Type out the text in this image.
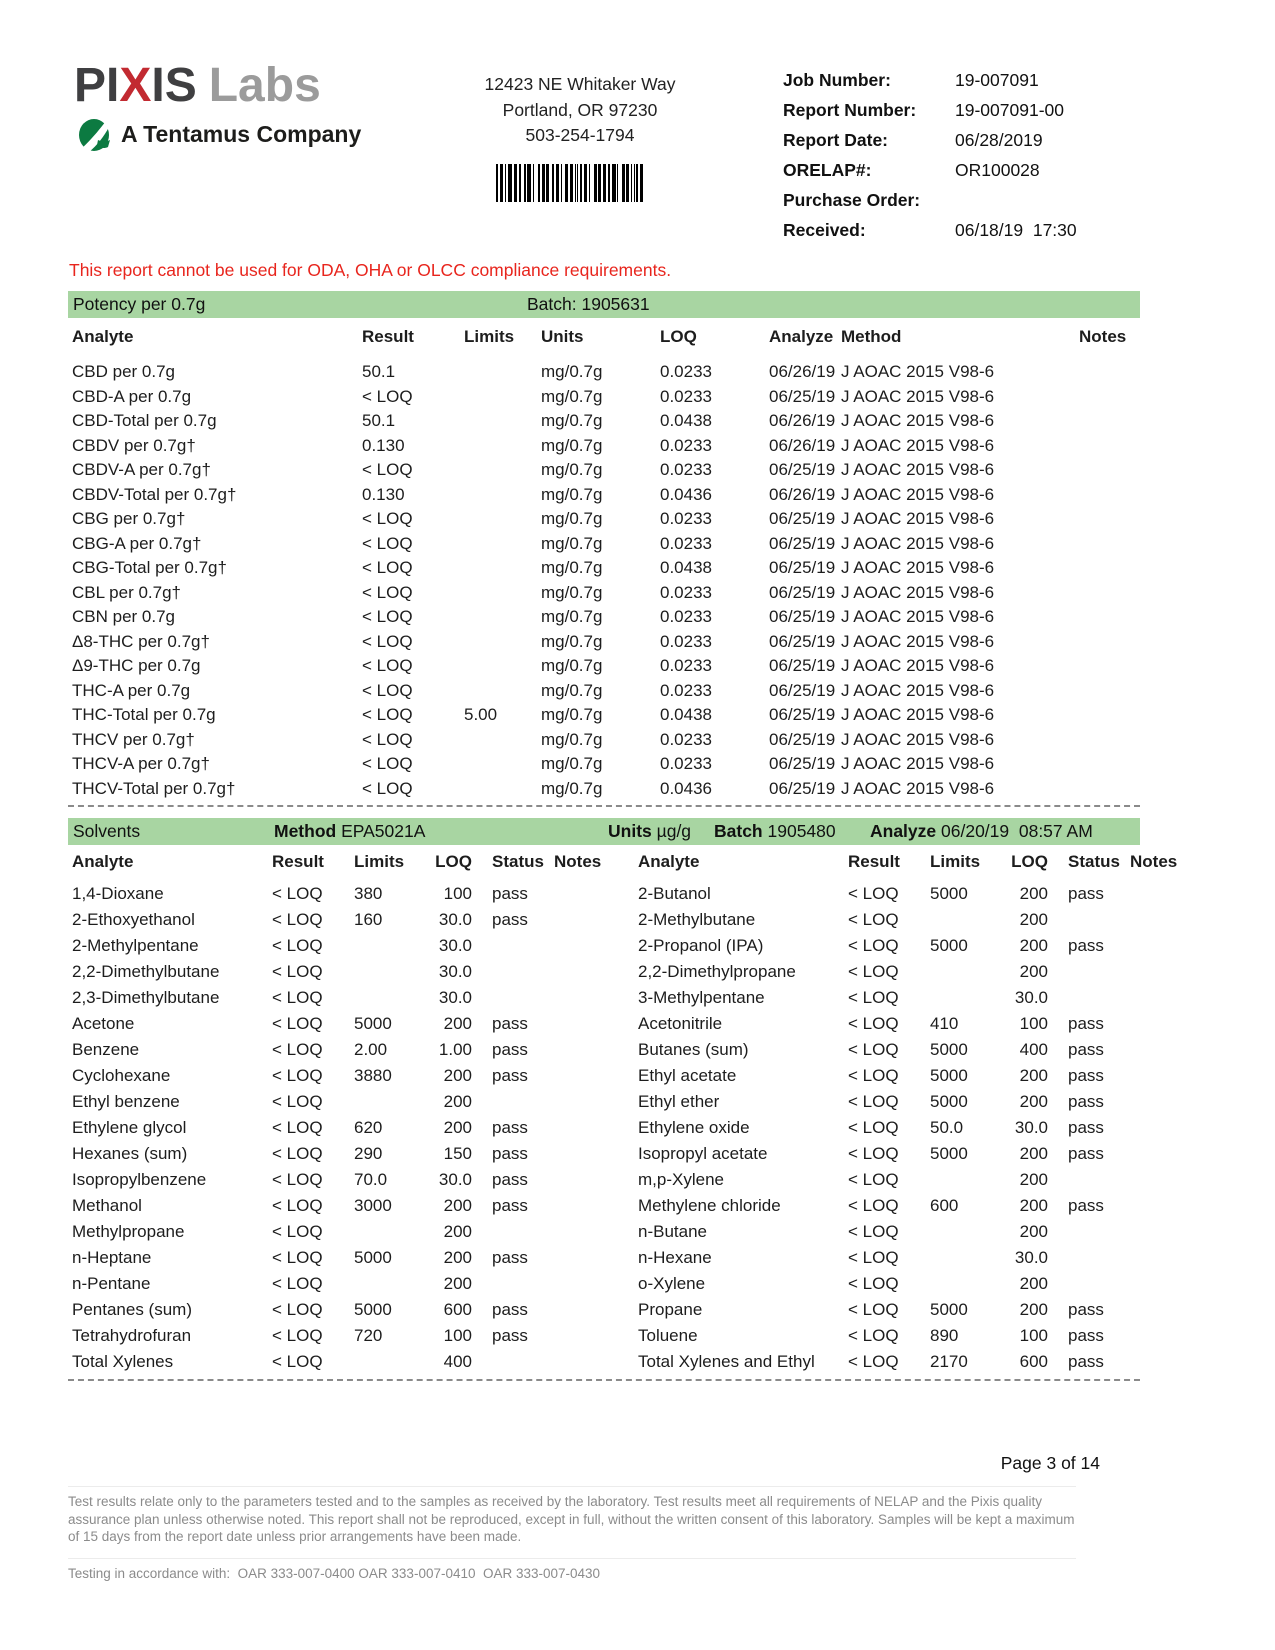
PIXIS Labs
A Tentamus Company
12423 NE Whitaker Way
Portland, OR 97230
503-254-1794
Job Number:	19-007091
Report Number:	19-007091-00
Report Date:	06/28/2019
ORELAP#:	OR100028
Purchase Order:
Received:	06/18/19  17:30
This report cannot be used for ODA, OHA or OLCC compliance requirements.
Potency per 0.7g	Batch: 1905631
Analyte	Result	Limits	Units	LOQ	Analyze	Method	Notes
CBD per 0.7g	50.1		mg/0.7g	0.0233	06/26/19	J AOAC 2015 V98-6	
CBD-A per 0.7g	< LOQ		mg/0.7g	0.0233	06/25/19	J AOAC 2015 V98-6	
CBD-Total per 0.7g	50.1		mg/0.7g	0.0438	06/26/19	J AOAC 2015 V98-6	
CBDV per 0.7g†	0.130		mg/0.7g	0.0233	06/26/19	J AOAC 2015 V98-6	
CBDV-A per 0.7g†	< LOQ		mg/0.7g	0.0233	06/25/19	J AOAC 2015 V98-6	
CBDV-Total per 0.7g†	0.130		mg/0.7g	0.0436	06/26/19	J AOAC 2015 V98-6	
CBG per 0.7g†	< LOQ		mg/0.7g	0.0233	06/25/19	J AOAC 2015 V98-6	
CBG-A per 0.7g†	< LOQ		mg/0.7g	0.0233	06/25/19	J AOAC 2015 V98-6	
CBG-Total per 0.7g†	< LOQ		mg/0.7g	0.0438	06/25/19	J AOAC 2015 V98-6	
CBL per 0.7g†	< LOQ		mg/0.7g	0.0233	06/25/19	J AOAC 2015 V98-6	
CBN per 0.7g	< LOQ		mg/0.7g	0.0233	06/25/19	J AOAC 2015 V98-6	
Δ8-THC per 0.7g†	< LOQ		mg/0.7g	0.0233	06/25/19	J AOAC 2015 V98-6	
Δ9-THC per 0.7g	< LOQ		mg/0.7g	0.0233	06/25/19	J AOAC 2015 V98-6	
THC-A per 0.7g	< LOQ		mg/0.7g	0.0233	06/25/19	J AOAC 2015 V98-6	
THC-Total per 0.7g	< LOQ	5.00	mg/0.7g	0.0438	06/25/19	J AOAC 2015 V98-6	
THCV per 0.7g†	< LOQ		mg/0.7g	0.0233	06/25/19	J AOAC 2015 V98-6	
THCV-A per 0.7g†	< LOQ		mg/0.7g	0.0233	06/25/19	J AOAC 2015 V98-6	
THCV-Total per 0.7g†	< LOQ		mg/0.7g	0.0436	06/25/19	J AOAC 2015 V98-6	
Solvents	Method EPA5021A	Units µg/g Batch 1905480 Analyze 06/20/19  08:57 AM
Analyte	Result	Limits	LOQ	Status	Notes
1,4-Dioxane	< LOQ	380	100	pass	
2-Ethoxyethanol	< LOQ	160	30.0	pass	
2-Methylpentane	< LOQ		30.0		
2,2-Dimethylbutane	< LOQ		30.0		
2,3-Dimethylbutane	< LOQ		30.0		
Acetone	< LOQ	5000	200	pass	
Benzene	< LOQ	2.00	1.00	pass	
Cyclohexane	< LOQ	3880	200	pass	
Ethyl benzene	< LOQ		200		
Ethylene glycol	< LOQ	620	200	pass	
Hexanes (sum)	< LOQ	290	150	pass	
Isopropylbenzene	< LOQ	70.0	30.0	pass	
Methanol	< LOQ	3000	200	pass	
Methylpropane	< LOQ		200		
n-Heptane	< LOQ	5000	200	pass	
n-Pentane	< LOQ		200		
Pentanes (sum)	< LOQ	5000	600	pass	
Tetrahydrofuran	< LOQ	720	100	pass	
Total Xylenes	< LOQ		400		
Analyte	Result	Limits	LOQ	Status	Notes
2-Butanol	< LOQ	5000	200	pass	
2-Methylbutane	< LOQ		200		
2-Propanol (IPA)	< LOQ	5000	200	pass	
2,2-Dimethylpropane	< LOQ		200		
3-Methylpentane	< LOQ		30.0		
Acetonitrile	< LOQ	410	100	pass	
Butanes (sum)	< LOQ	5000	400	pass	
Ethyl acetate	< LOQ	5000	200	pass	
Ethyl ether	< LOQ	5000	200	pass	
Ethylene oxide	< LOQ	50.0	30.0	pass	
Isopropyl acetate	< LOQ	5000	200	pass	
m,p-Xylene	< LOQ		200		
Methylene chloride	< LOQ	600	200	pass	
n-Butane	< LOQ		200		
n-Hexane	< LOQ		30.0		
o-Xylene	< LOQ		200		
Propane	< LOQ	5000	200	pass	
Toluene	< LOQ	890	100	pass	
Total Xylenes and Ethyl	< LOQ	2170	600	pass	
Page 3 of 14
Test results relate only to the parameters tested and to the samples as received by the laboratory. Test results meet all requirements of NELAP and the Pixis quality assurance plan unless otherwise noted. This report shall not be reproduced, except in full, without the written consent of this laboratory. Samples will be kept a maximum of 15 days from the report date unless prior arrangements have been made.
Testing in accordance with:  OAR 333-007-0400 OAR 333-007-0410  OAR 333-007-0430
